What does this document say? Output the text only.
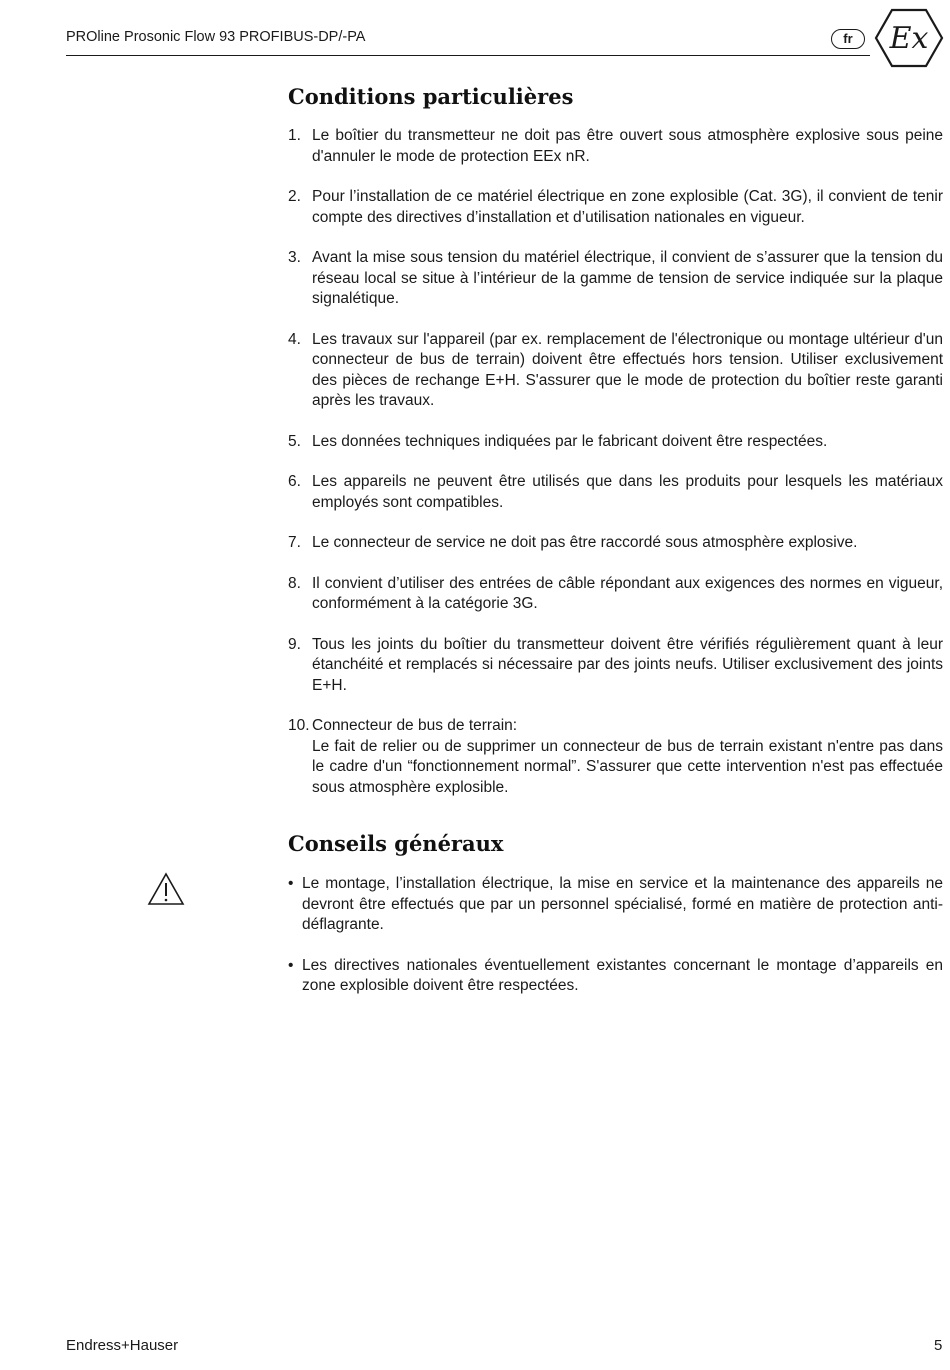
PROline Prosonic Flow 93 PROFIBUS-DP/-PA	fr	Ex
Conditions particulières
1. Le boîtier du transmetteur ne doit pas être ouvert sous atmosphère explosive sous peine d'annuler le mode de protection EEx nR.
2. Pour l’installation de ce matériel électrique en zone explosible (Cat. 3G), il convient de tenir compte des directives d’installation et d’utilisation nationales en vigueur.
3. Avant la mise sous tension du matériel électrique, il convient de s’assurer que la tension du réseau local se situe à l’intérieur de la gamme de tension de service indiquée sur la plaque signalétique.
4. Les travaux sur l'appareil (par ex. remplacement de l'électronique ou montage ultérieur d'un connecteur de bus de terrain) doivent être effectués hors tension. Utiliser exclusivement des pièces de rechange E+H. S'assurer que le mode de protection du boîtier reste garanti après les travaux.
5. Les données techniques indiquées par le fabricant doivent être respectées.
6. Les appareils ne peuvent être utilisés que dans les produits pour lesquels les matériaux employés sont compatibles.
7. Le connecteur de service ne doit pas être raccordé sous atmosphère explosive.
8. Il convient d’utiliser des entrées de câble répondant aux exigences des normes en vigueur, conformément à la catégorie 3G.
9. Tous les joints du boîtier du transmetteur doivent être vérifiés régulièrement quant à leur étanchéité et remplacés si nécessaire par des joints neufs. Utiliser exclusivement des joints E+H.
10. Connecteur de bus de terrain:
Le fait de relier ou de supprimer un connecteur de bus de terrain existant n'entre pas dans le cadre d'un “fonctionnement normal”. S'assurer que cette intervention n'est pas effectuée sous atmosphère explosible.
Conseils généraux
• Le montage, l’installation électrique, la mise en service et la maintenance des appareils ne devront être effectués que par un personnel spécialisé, formé en matière de protection anti-déflagrante.
• Les directives nationales éventuellement existantes concernant le montage d’appareils en zone explosible doivent être respectées.
Endress+Hauser	5
